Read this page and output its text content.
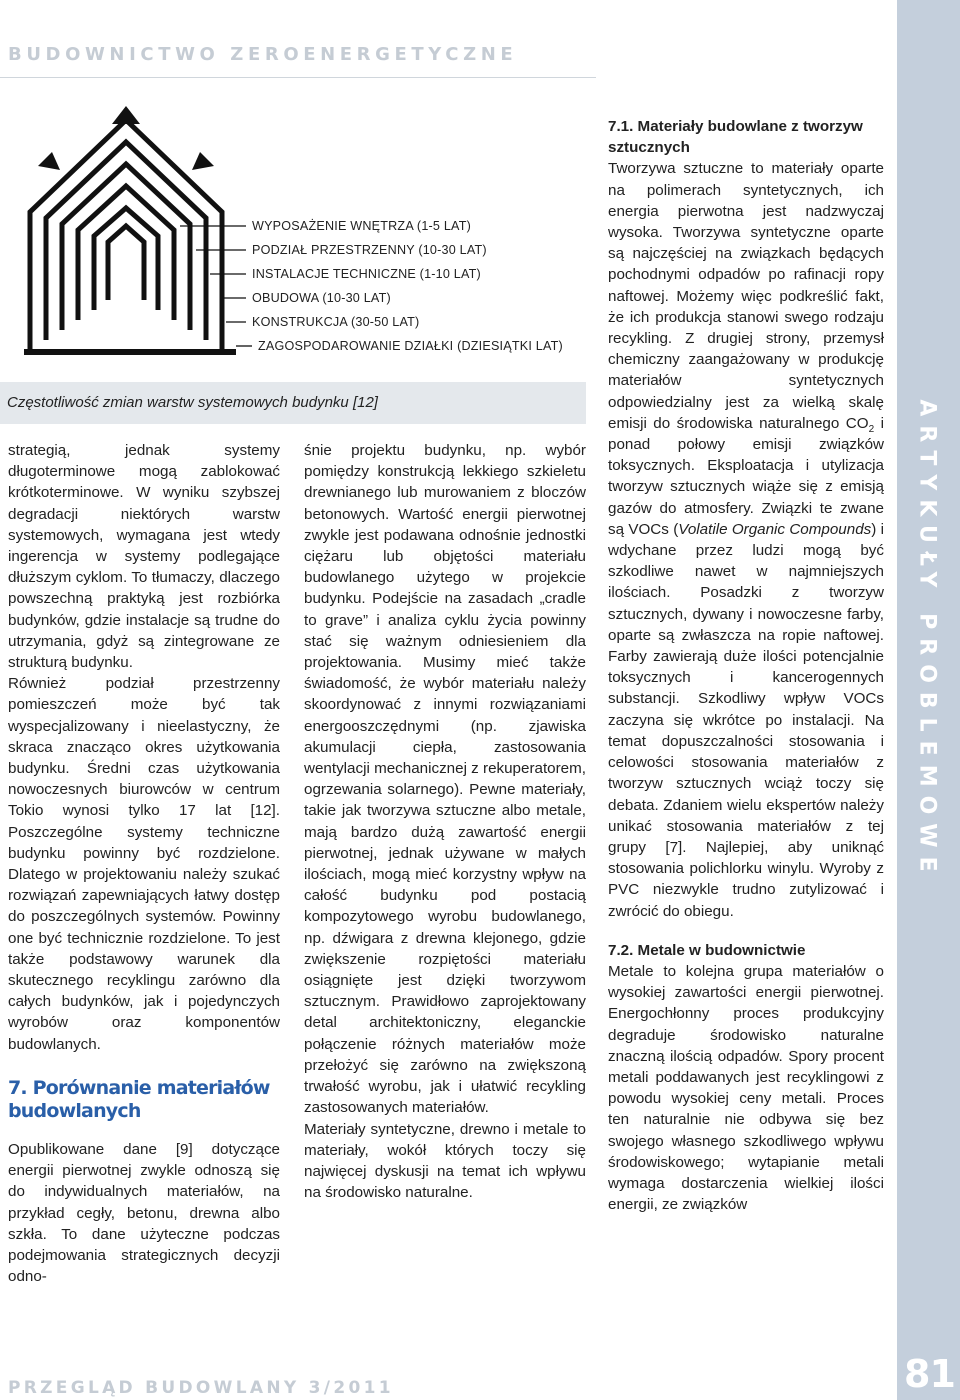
BUDOWNICTWO ZEROENERGETYCZNE
WYPOSAŻENIE WNĘTRZA (1-5 LAT)
PODZIAŁ PRZESTRZENNY (10-30 LAT)
INSTALACJE TECHNICZNE (1-10 LAT)
OBUDOWA (10-30 LAT)
KONSTRUKCJA (30-50 LAT)
ZAGOSPODAROWANIE DZIAŁKI (DZIESIĄTKI LAT)
Częstotliwość zmian warstw systemowych budynku [12]

strategią, jednak systemy długoterminowe mogą zablokować krótkoterminowe. W wyniku szybszej degradacji niektórych warstw systemowych, wymagana jest wtedy ingerencja w systemy podlegające dłuższym cyklom. To tłumaczy, dlaczego powszechną praktyką jest rozbiórka budynków, gdzie instalacje są trudne do utrzymania, gdyż są zintegrowane ze strukturą budynku.

Również podział przestrzenny pomieszczeń może być tak wyspecjalizowany i nieelastyczny, że skraca znacząco okres użytkowania budynku. Średni czas użytkowania nowoczesnych biurowców w centrum Tokio wynosi tylko 17 lat [12]. Poszczególne systemy techniczne budynku powinny być rozdzielone. Dlatego w projektowaniu należy szukać rozwiązań zapewniających łatwy dostęp do poszczególnych systemów. Powinny one być technicznie rozdzielone. To jest także podstawowy warunek dla skutecznego recyklingu zarówno dla całych budynków, jak i pojedynczych wyrobów oraz komponentów budowlanych.

7. Porównanie materiałów budowlanych

Opublikowane dane [9] dotyczące energii pierwotnej zwykle odnoszą się do indywidualnych materiałów, na przykład cegły, betonu, drewna albo szkła. To dane użyteczne podczas podejmowania strategicznych decyzji odno-

śnie projektu budynku, np. wybór pomiędzy konstrukcją lekkiego szkieletu drewnianego lub murowaniem z bloczów betonowych. Wartość energii pierwotnej zwykle jest podawana odnośnie jednostki ciężaru lub objętości materiału budowlanego użytego w projekcie budynku. Podejście na zasadach „cradle to grave” i analiza cyklu życia powinny stać się ważnym odniesieniem dla projektowania. Musimy mieć także świadomość, że wybór materiału należy skoordynować z innymi rozwiązaniami energooszczędnymi (np. zjawiska akumulacji ciepła, zastosowania wentylacji mechanicznej z rekuperatorem, ogrzewania solarnego). Pewne materiały, takie jak tworzywa sztuczne albo metale, mają bardzo dużą zawartość energii pierwotnej, jednak używane w małych ilościach, mogą mieć korzystny wpływ na całość budynku pod postacią kompozytowego wyrobu budowlanego, np. dźwigara z drewna klejonego, gdzie zwiększenie rozpiętości materiału osiągnięte jest dzięki tworzywom sztucznym. Prawidłowo zaprojektowany detal architektoniczny, eleganckie połączenie różnych materiałów może przełożyć się zarówno na zwiększoną trwałość wyrobu, jak i ułatwić recykling zastosowanych materiałów.

Materiały syntetyczne, drewno i metale to materiały, wokół których toczy się najwięcej dyskusji na temat ich wpływu na środowisko naturalne.

7.1. Materiały budowlane z tworzyw sztucznych

Tworzywa sztuczne to materiały oparte na polimerach syntetycznych, ich energia pierwotna jest nadzwyczaj wysoka. Tworzywa syntetyczne oparte są najczęściej na związkach będących pochodnymi odpadów po rafinacji ropy naftowej. Możemy więc podkreślić fakt, że ich produkcja stanowi swego rodzaju recykling. Z drugiej strony, przemysł chemiczny zaangażowany w produkcję materiałów syntetycznych odpowiedzialny jest za wielką skalę emisji do środowiska naturalnego $CO_2$ i ponad połowy emisji związków toksycznych. Eksploatacja i utylizacja tworzyw sztucznych wiąże się z emisją gazów do atmosfery. Związki te zwane są VOCs (Volatile Organic Compounds) i wdychane przez ludzi mogą być szkodliwe nawet w najmniejszych ilościach. Posadzki z tworzyw sztucznych, dywany i nowoczesne farby, oparte są zwłaszcza na ropie naftowej. Farby zawierają duże ilości potencjalnie toksycznych i kancerogennych substancji. Szkodliwy wpływ VOCs zaczyna się wkrótce po instalacji. Na temat dopuszczalności stosowania i celowości stosowania materiałów z tworzyw sztucznych wciąż toczy się debata. Zdaniem wielu ekspertów należy unikać stosowania materiałów z tej grupy [7]. Najlepiej, aby uniknąć stosowania polichlorku winylu. Wyroby z PVC niezwykle trudno zutylizować i zwrócić do obiegu.

7.2. Metale w budownictwie

Metale to kolejna grupa materiałów o wysokiej zawartości energii pierwotnej. Energochłonny proces produkcyjny degraduje środowisko naturalne znaczną ilością odpadów. Spory procent metali poddawanych jest recyklingowi z powodu wysokiej ceny metali. Proces ten naturalnie nie odbywa się bez swojego własnego szkodliwego wpływu środowiskowego; wytapianie metali wymaga dostarczenia wielkiej ilości energii, ze związków

ARTYKUŁY PROBLEMOWE
81
PRZEGLĄD BUDOWLANY 3/2011
